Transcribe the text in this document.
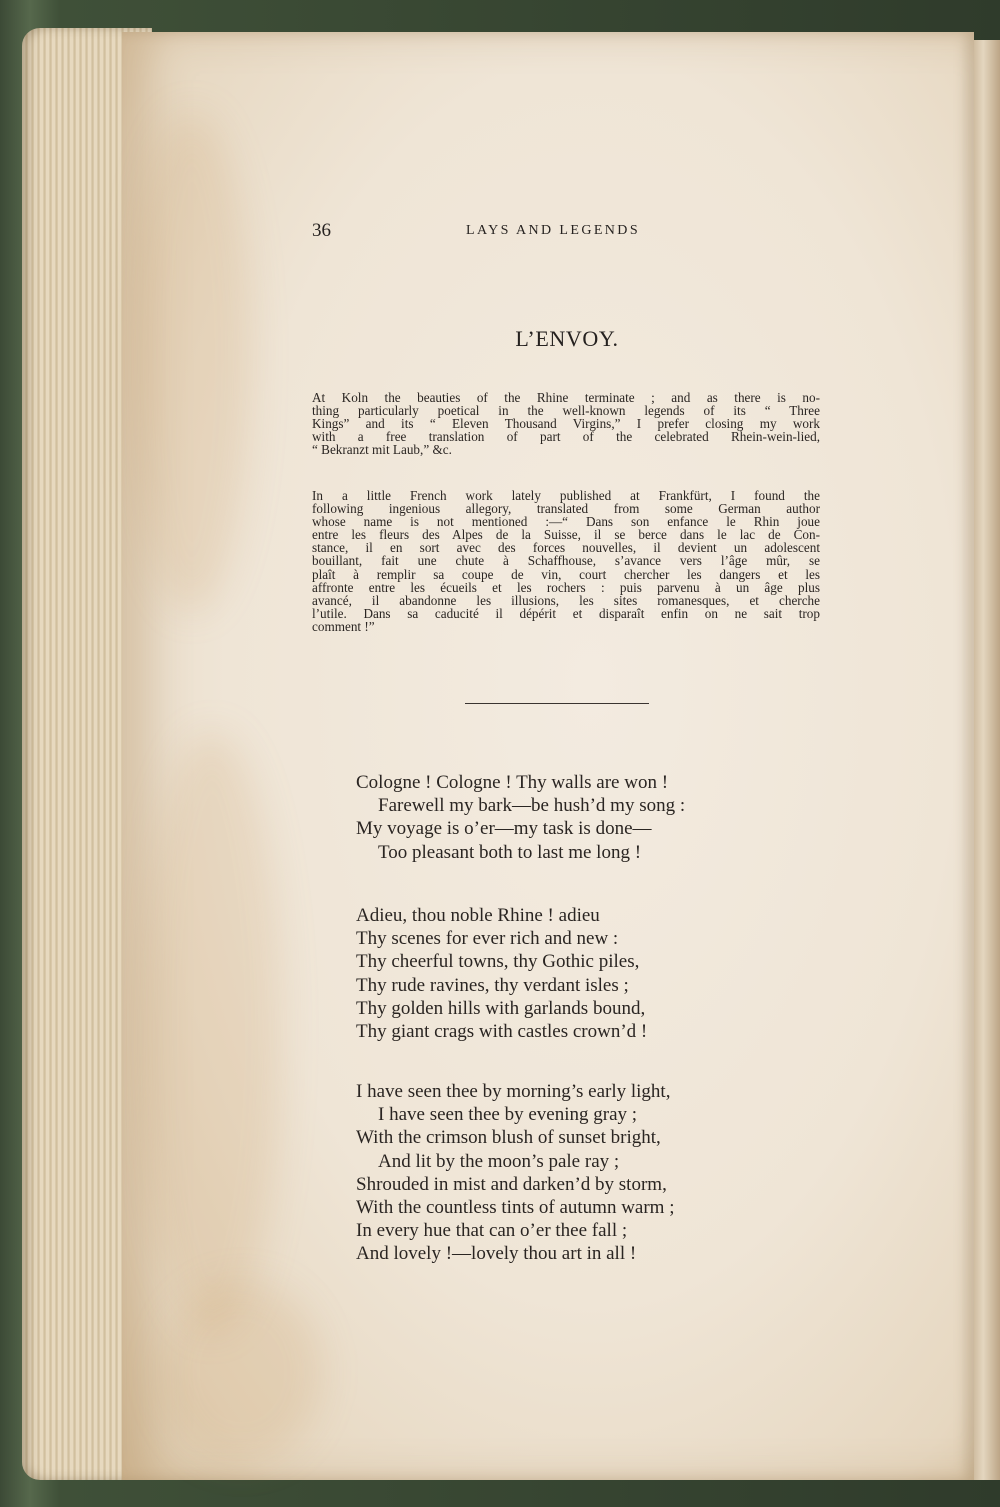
36	LAYS AND LEGENDS
L’ENVOY.
At Koln the beauties of the Rhine terminate ; and as there is no-
thing particularly poetical in the well-known legends of its “ Three
Kings” and its “ Eleven Thousand Virgins,” I prefer closing my work
with a free translation of part of the celebrated Rhein-wein-lied,
“ Bekranzt mit Laub,” &c.
In a little French work lately published at Frankfürt, I found the
following ingenious allegory, translated from some German author
whose name is not mentioned :—“ Dans son enfance le Rhin joue
entre les fleurs des Alpes de la Suisse, il se berce dans le lac de Con-
stance, il en sort avec des forces nouvelles, il devient un adolescent
bouillant, fait une chute à Schaffhouse, s’avance vers l’âge mûr, se
plaît à remplir sa coupe de vin, court chercher les dangers et les
affronte entre les écueils et les rochers : puis parvenu à un âge plus
avancé, il abandonne les illusions, les sites romanesques, et cherche
l’utile. Dans sa caducité il dépérit et disparaît enfin on ne sait trop
comment !”
Cologne ! Cologne ! Thy walls are won !
Farewell my bark—be hush’d my song :
My voyage is o’er—my task is done—
Too pleasant both to last me long !
Adieu, thou noble Rhine ! adieu
Thy scenes for ever rich and new :
Thy cheerful towns, thy Gothic piles,
Thy rude ravines, thy verdant isles ;
Thy golden hills with garlands bound,
Thy giant crags with castles crown’d !
I have seen thee by morning’s early light,
I have seen thee by evening gray ;
With the crimson blush of sunset bright,
And lit by the moon’s pale ray ;
Shrouded in mist and darken’d by storm,
With the countless tints of autumn warm ;
In every hue that can o’er thee fall ;
And lovely !—lovely thou art in all !
